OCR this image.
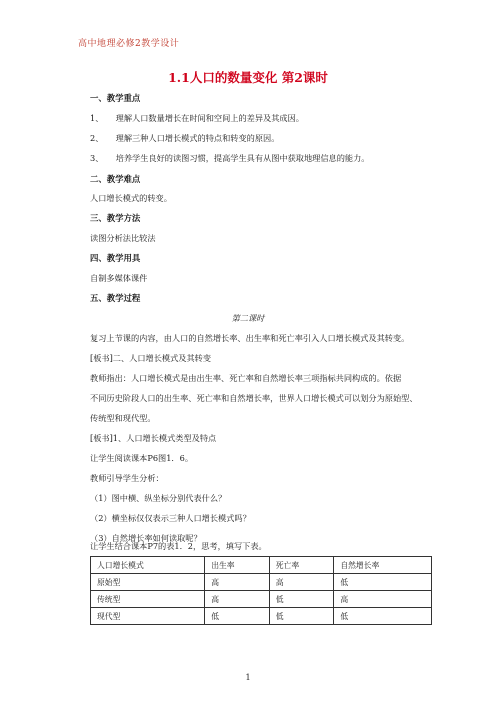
高中地理必修2教学设计
1.1人口的数量变化 第2课时
一、教学重点
1、　　理解人口数量增长在时间和空间上的差异及其成因。
2、　　理解三种人口增长模式的特点和转变的原因。
3、　　培养学生良好的读图习惯，提高学生具有从图中获取地理信息的能力。
二、教学难点
人口增长模式的转变。
三、教学方法
读图分析法比较法
四、教学用具
自制多媒体课件
五、教学过程
第二课时
复习上节课的内容，由人口的自然增长率、出生率和死亡率引入人口增长模式及其转变。
[板书]二、人口增长模式及其转变
教师指出：人口增长模式是由出生率、死亡率和自然增长率三项指标共同构成的。依据
不同历史阶段人口的出生率、死亡率和自然增长率，世界人口增长模式可以划分为原始型、
传统型和现代型。
[板书]1、人口增长模式类型及特点
让学生阅读课本P6图1．6。
教师引导学生分析：
（1）图中横、纵坐标分别代表什么？
（2）横坐标仅仅表示三种人口增长模式吗？
（3）自然增长率如何读取呢？
让学生结合课本P7的表1．2，思考，填写下表。
人口增长模式	出生率	死亡率	自然增长率
原始型	高	高	低
传统型	高	低	高
现代型	低	低	低
1
